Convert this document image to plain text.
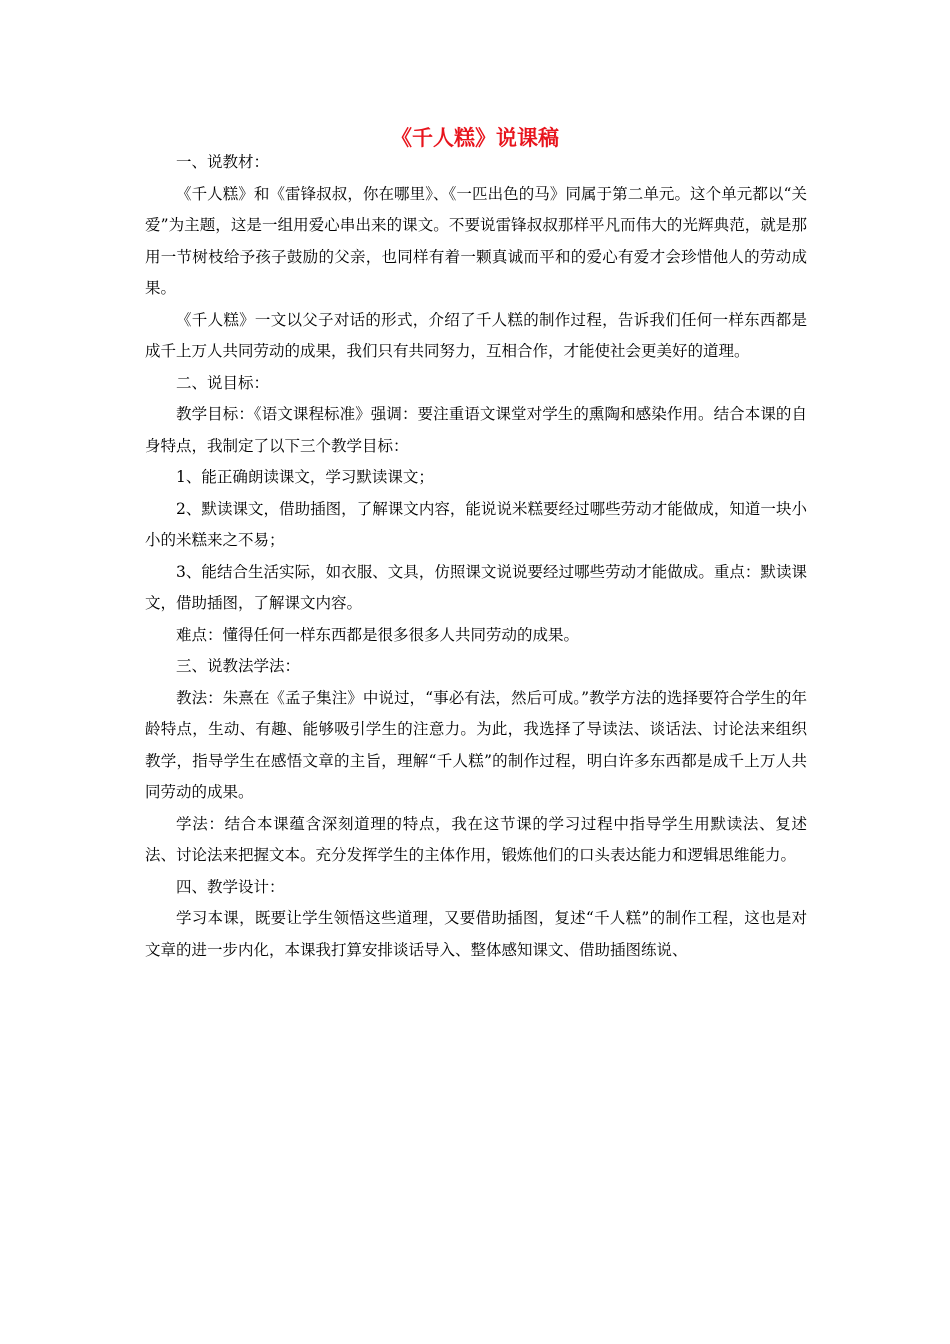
《千人糕》说课稿

一、说教材：

《千人糕》和《雷锋叔叔，你在哪里》、《一匹出色的马》同属于第二单元。这个单元都以“关爱”为主题，这是一组用爱心串出来的课文。不要说雷锋叔叔那样平凡而伟大的光辉典范，就是那用一节树枝给予孩子鼓励的父亲，也同样有着一颗真诚而平和的爱心有爱才会珍惜他人的劳动成果。

《千人糕》一文以父子对话的形式，介绍了千人糕的制作过程，告诉我们任何一样东西都是成千上万人共同劳动的成果，我们只有共同努力，互相合作，才能使社会更美好的道理。

二、说目标：

教学目标：《语文课程标准》强调：要注重语文课堂对学生的熏陶和感染作用。结合本课的自身特点，我制定了以下三个教学目标：

1、能正确朗读课文，学习默读课文；

2、默读课文，借助插图，了解课文内容，能说说米糕要经过哪些劳动才能做成，知道一块小小的米糕来之不易；

3、能结合生活实际，如衣服、文具，仿照课文说说要经过哪些劳动才能做成。重点：默读课文，借助插图，了解课文内容。

难点：懂得任何一样东西都是很多很多人共同劳动的成果。

三、说教法学法：

教法：朱熹在《孟子集注》中说过，“事必有法，然后可成。”教学方法的选择要符合学生的年龄特点，生动、有趣、能够吸引学生的注意力。为此，我选择了导读法、谈话法、讨论法来组织教学，指导学生在感悟文章的主旨，理解“千人糕”的制作过程，明白许多东西都是成千上万人共同劳动的成果。

学法：结合本课蕴含深刻道理的特点，我在这节课的学习过程中指导学生用默读法、复述法、讨论法来把握文本。充分发挥学生的主体作用，锻炼他们的口头表达能力和逻辑思维能力。

四、教学设计：

学习本课，既要让学生领悟这些道理，又要借助插图，复述“千人糕”的制作工程，这也是对文章的进一步内化，本课我打算安排谈话导入、整体感知课文、借助插图练说、
